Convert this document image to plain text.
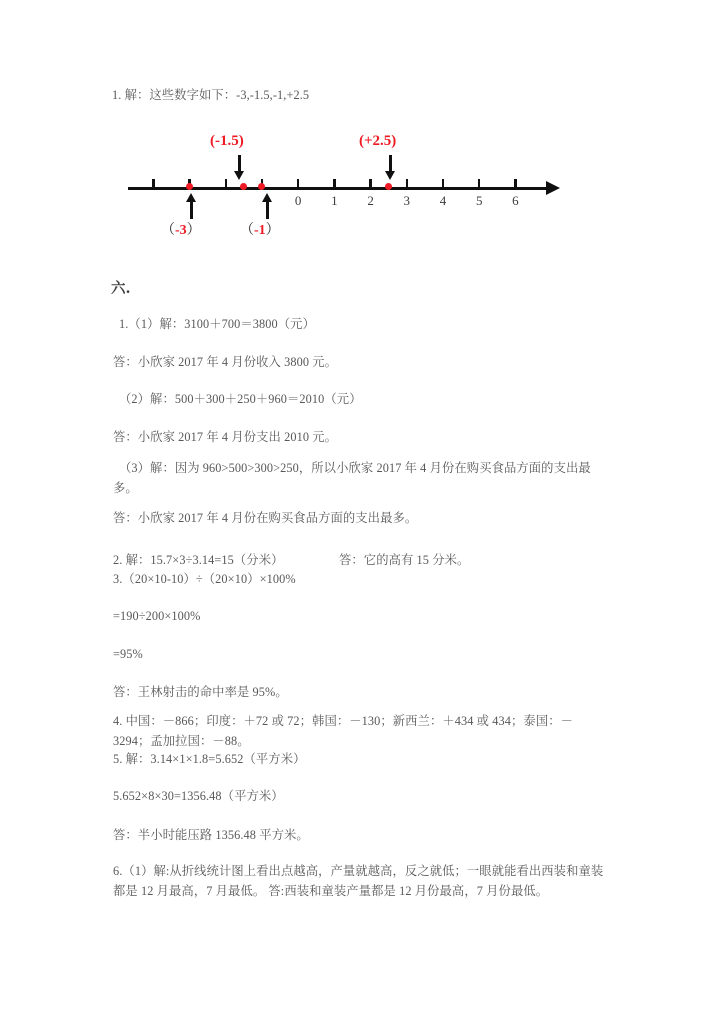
1. 解：这些数字如下：-3,-1.5,-1,+2.5
0	1	2	3	4	5	6
(-1.5)	(+2.5)
（-3）	（-1）
六.
1.（1）解：3100＋700＝3800（元）
答：小欣家 2017 年 4 月份收入 3800 元。
（2）解：500＋300＋250＋960＝2010（元）
答：小欣家 2017 年 4 月份支出 2010 元。
（3）解：因为 960>500>300>250，所以小欣家 2017 年 4 月份在购买食品方面的支出最多。
答：小欣家 2017 年 4 月份在购买食品方面的支出最多。
2. 解：15.7×3÷3.14=15（分米）	答：它的高有 15 分米。
3.（20×10-10）÷（20×10）×100%
=190÷200×100%
=95%
答：王林射击的命中率是 95%。
4. 中国：－866；印度：＋72 或 72；韩国：－130；新西兰：＋434 或 434；泰国：－3294；孟加拉国：－88。
5. 解：3.14×1×1.8=5.652（平方米）
5.652×8×30=1356.48（平方米）
答：半小时能压路 1356.48 平方米。
6.（1）解:从折线统计图上看出点越高，产量就越高，反之就低；一眼就能看出西装和童装都是 12 月最高，7 月最低。 答:西装和童装产量都是 12 月份最高，7 月份最低。
